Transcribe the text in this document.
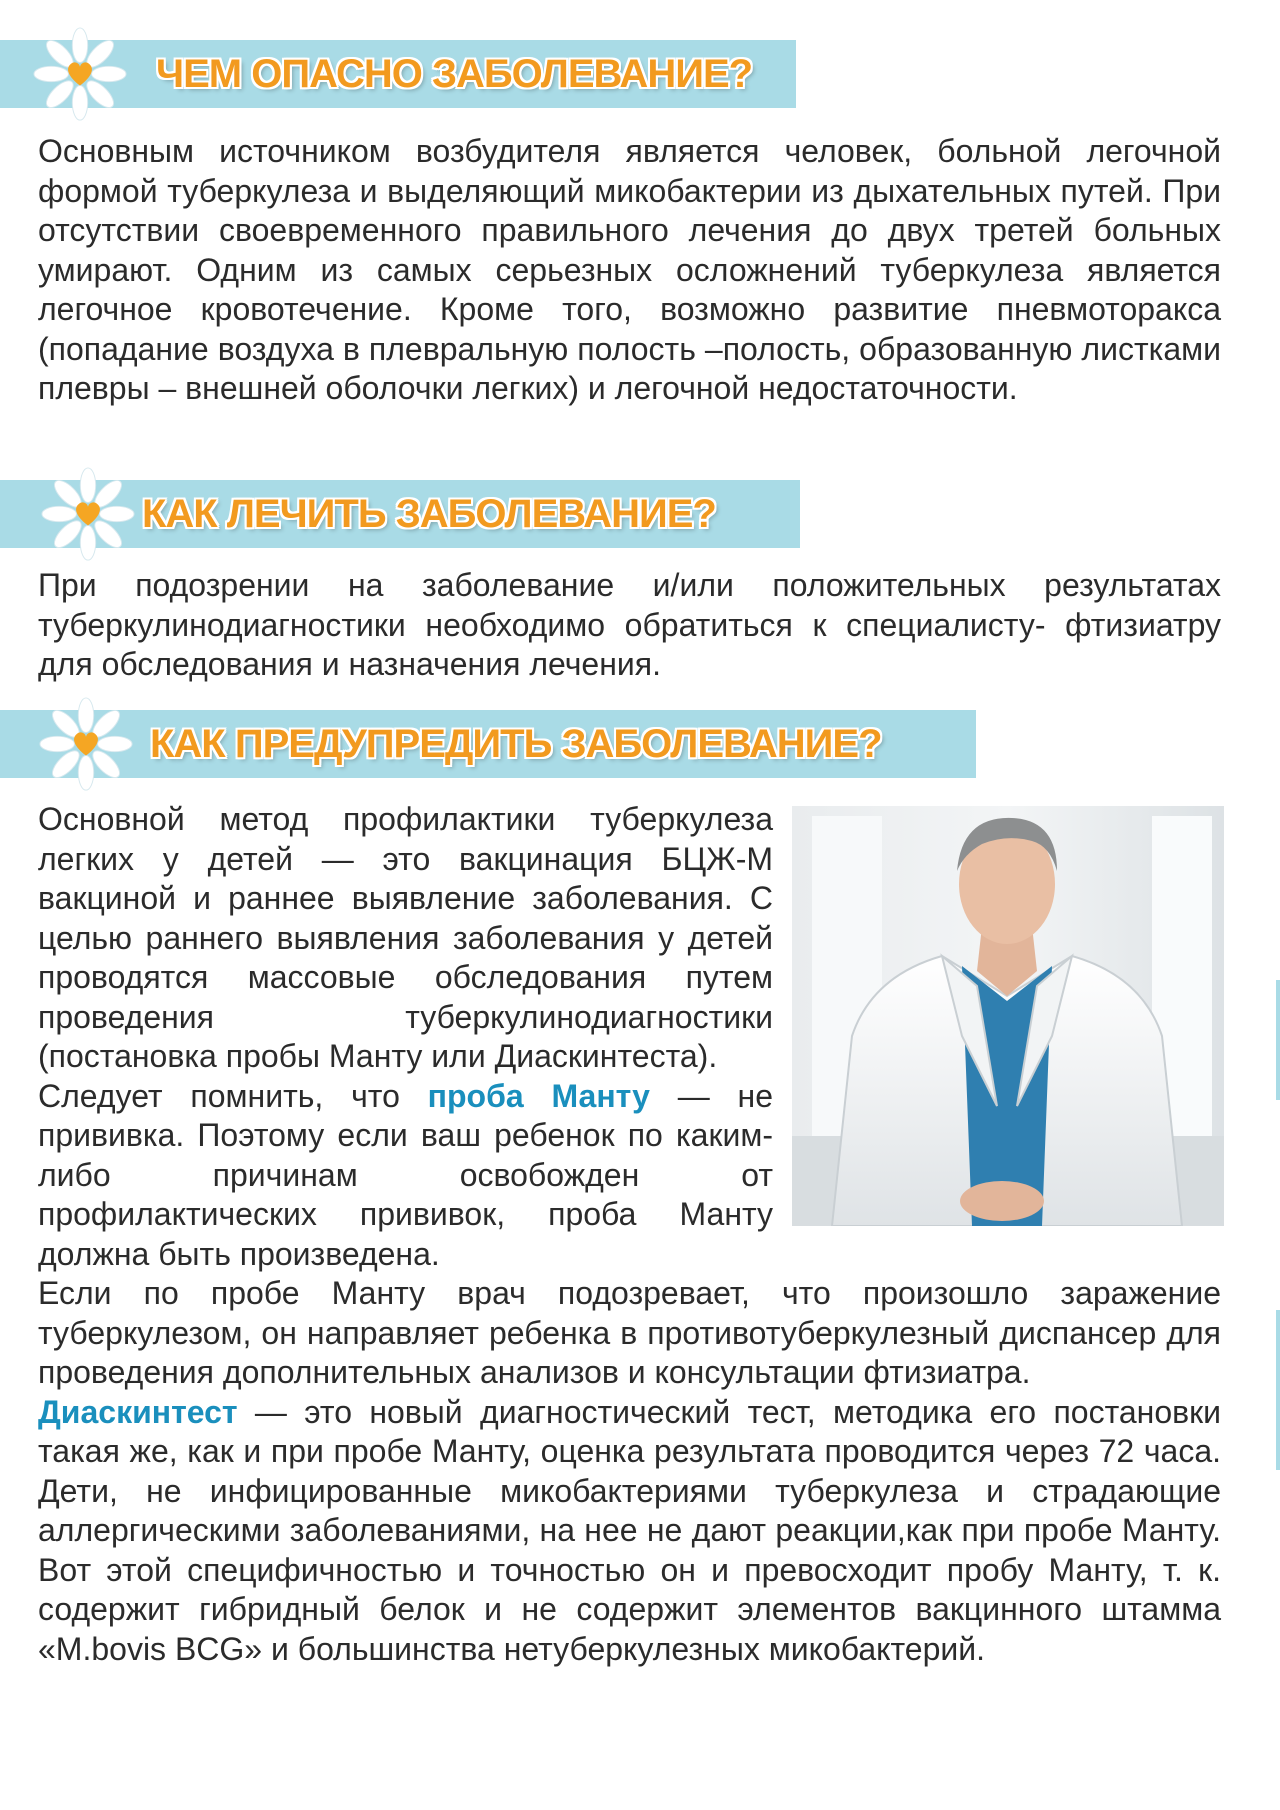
ЧЕМ ОПАСНО ЗАБОЛЕВАНИЕ?

Основным источником возбудителя является человек, больной легочной формой туберкулеза и выделяющий микобактерии из дыхательных путей. При отсутствии своевременного правильного лечения до двух третей больных умирают. Одним из самых серьезных осложнений туберкулеза является легочное кровотечение. Кроме того, возможно развитие пневмоторакса (попадание воздуха в плевральную полость –полость, образованную листками плевры – внешней оболочки легких) и легочной недостаточности.

КАК ЛЕЧИТЬ ЗАБОЛЕВАНИЕ?

При подозрении на заболевание и/или положительных результатах туберкулинодиагностики необходимо обратиться к специалисту- фтизиатру для обследования и назначения лечения.

КАК ПРЕДУПРЕДИТЬ ЗАБОЛЕВАНИЕ?
Основной метод профилактики туберкулеза легких у детей — это вакцинация БЦЖ-М вакциной и раннее выявление заболевания. С целью раннего выявления заболевания у детей проводятся массовые обследования путем проведения туберкулинодиагностики (постановка пробы Манту или Диаскинтеста).
Следует помнить, что проба Манту — не прививка. Поэтому если ваш ребенок по каким-либо причинам освобожден от профилактических прививок, проба Манту должна быть произведена.
Если по пробе Манту врач подозревает, что произошло заражение туберкулезом, он направляет ребенка в противотуберкулезный диспансер для проведения дополнительных анализов и консультации фтизиатра.
Диаскинтест — это новый диагностический тест, методика его постановки такая же, как и при пробе Манту, оценка результата проводится через 72 часа. Дети, не инфицированные микобактериями туберкулеза и страдающие аллергическими заболеваниями, на нее не дают реакции,как при пробе Манту. Вот этой специфичностью и точностью он и превосходит пробу Манту, т. к. содержит гибридный белок и не содержит элементов вакцинного штамма «M.bovis BCG» и большинства нетуберкулезных микобактерий.
